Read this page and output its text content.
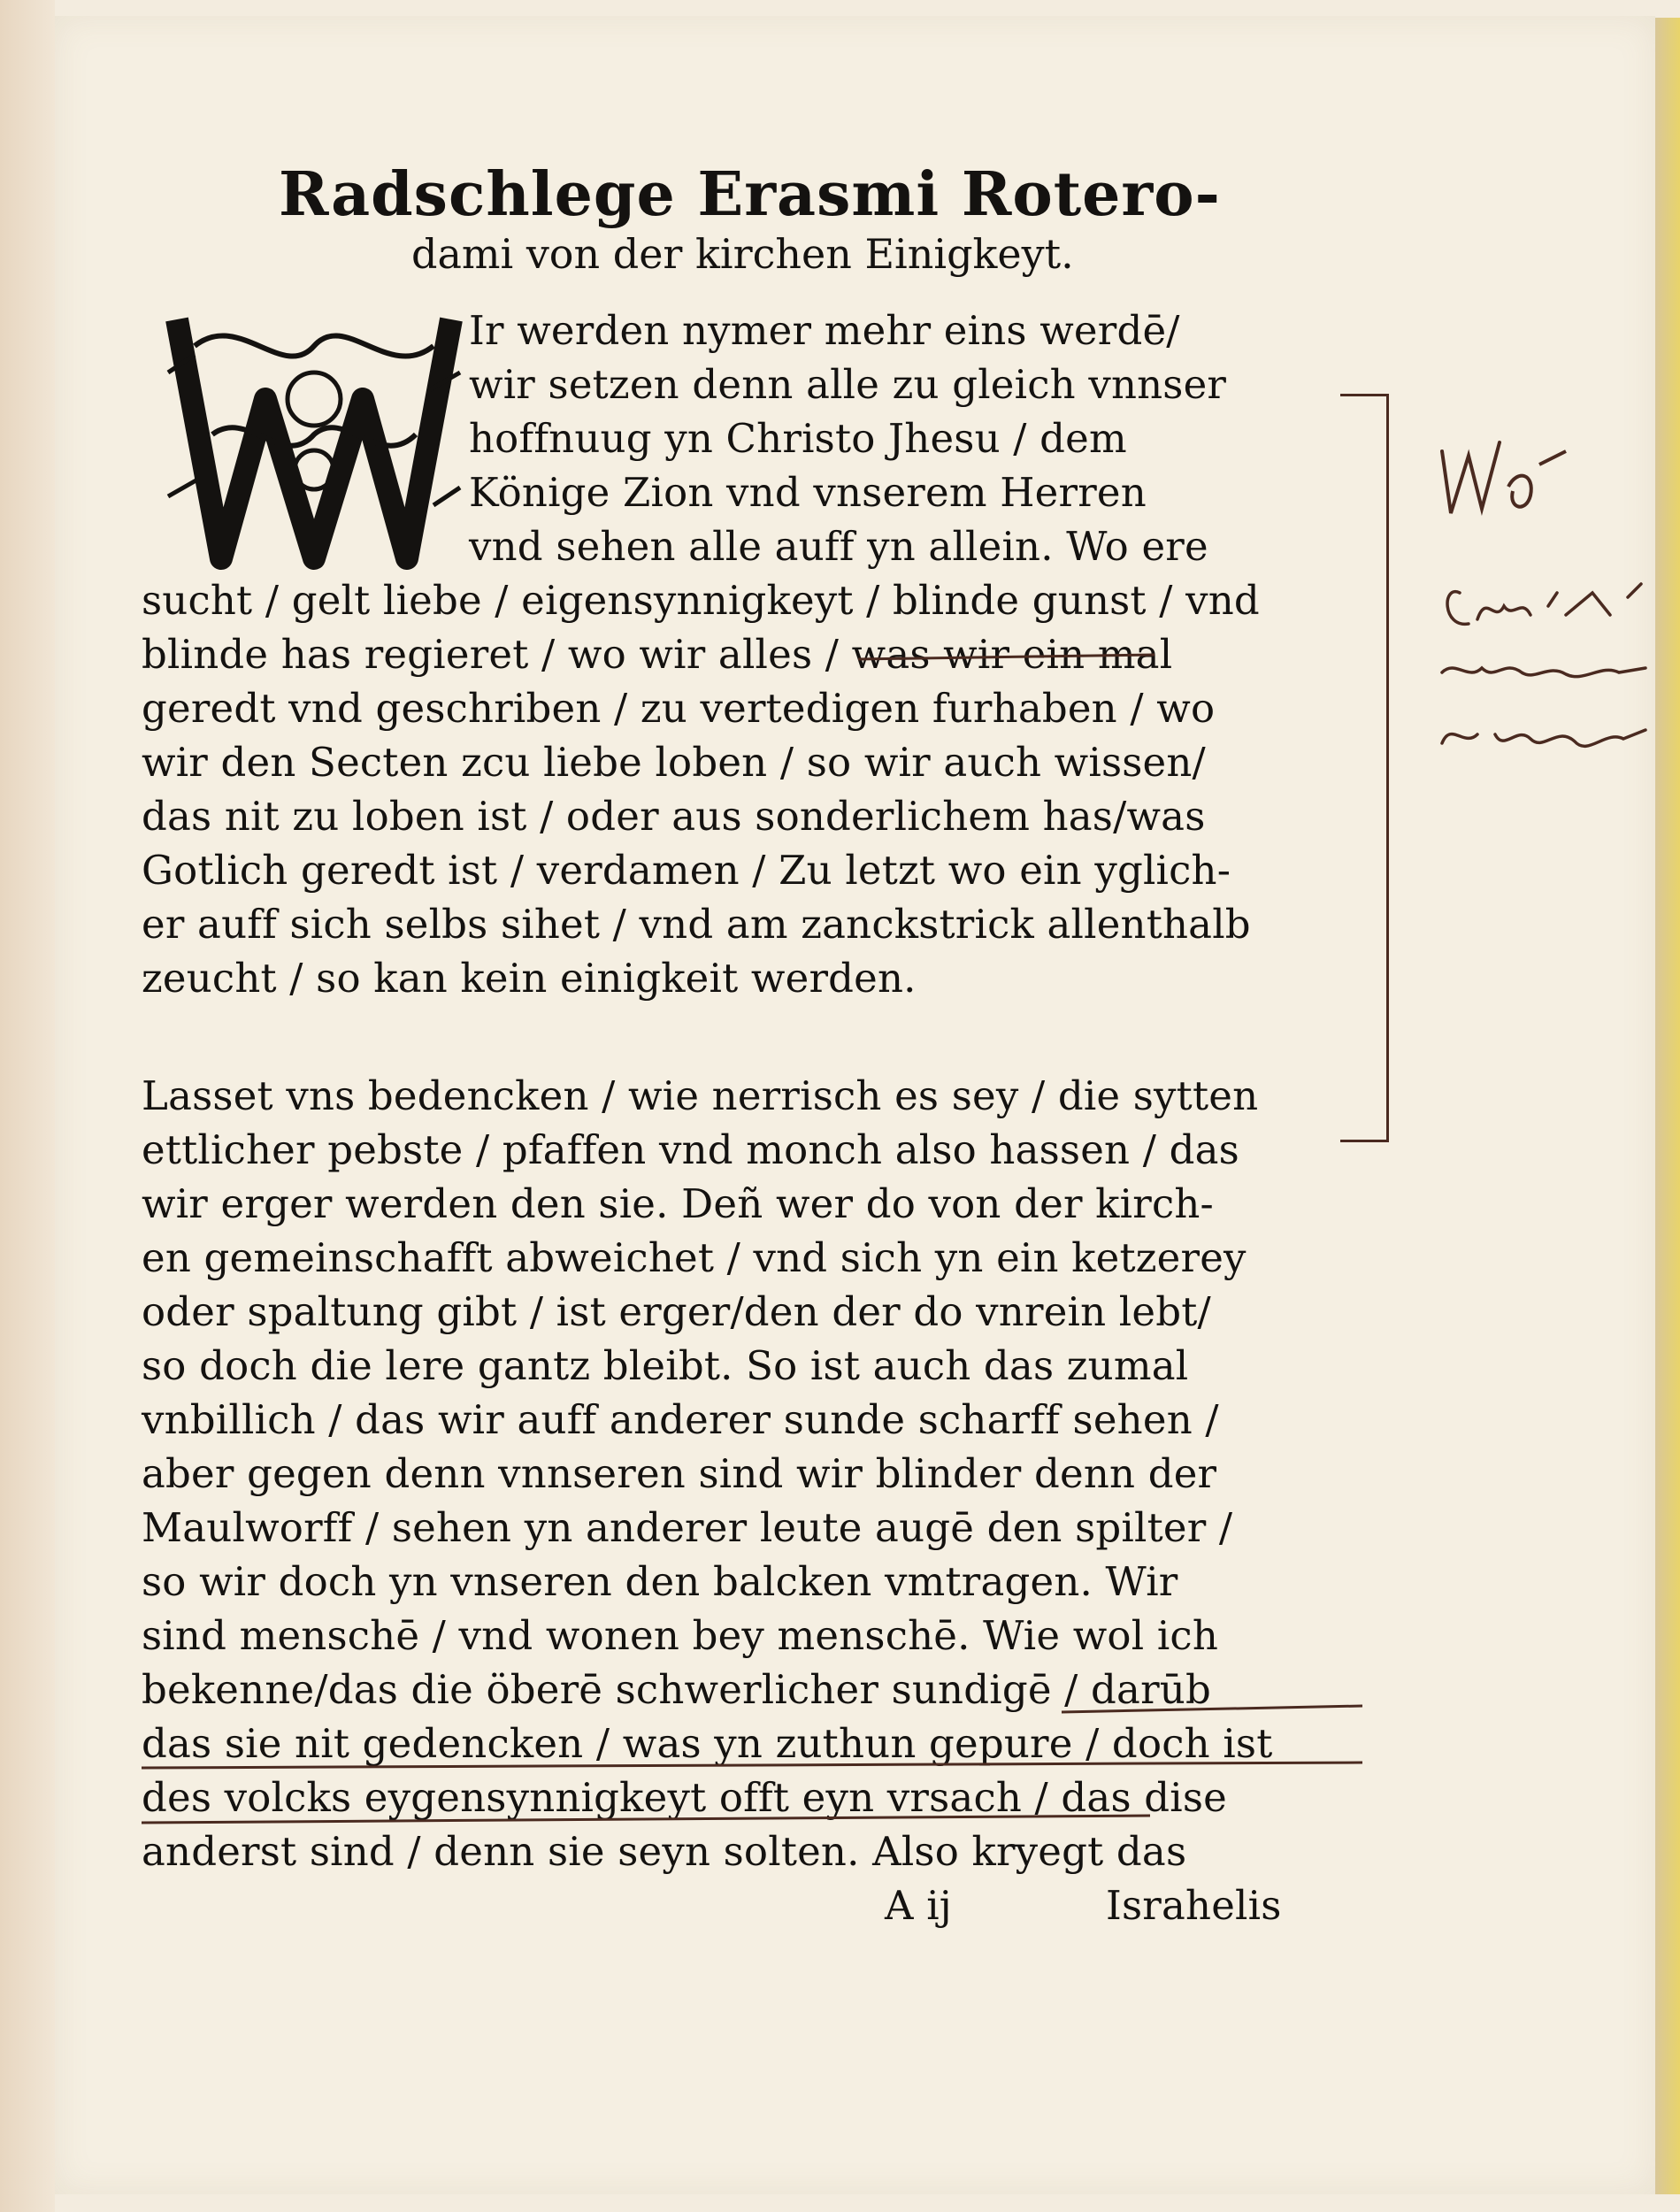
Radschlege Erasmi Rotero-
dami von der kirchen Einigkeyt.
Ir werden nymer mehr eins werdē/
wir setzen denn alle zu gleich vnnser
hoffnuug yn Christo Jhesu / dem
Könige Zion vnd vnserem Herren
vnd sehen alle auff yn allein. Wo ere
sucht / gelt liebe / eigensynnigkeyt / blinde gunst / vnd
blinde has regieret / wo wir alles / was wir ein mal
geredt vnd geschriben / zu vertedigen furhaben / wo
wir den Secten zcu liebe loben / so wir auch wissen/
das nit zu loben ist / oder aus sonderlichem has/was
Gotlich geredt ist / verdamen / Zu letzt wo ein yglich-
er auff sich selbs sihet / vnd am zanckstrick allenthalb
zeucht / so kan kein einigkeit werden.
Lasset vns bedencken / wie nerrisch es sey / die sytten
ettlicher pebste / pfaffen vnd monch also hassen / das
wir erger werden den sie. Deñ wer do von der kirch-
en gemeinschafft abweichet / vnd sich yn ein ketzerey
oder spaltung gibt / ist erger/den der do vnrein lebt/
so doch die lere gantz bleibt. So ist auch das zumal
vnbillich / das wir auff anderer sunde scharff sehen /
aber gegen denn vnnseren sind wir blinder denn der
Maulworff / sehen yn anderer leute augē den spilter /
so wir doch yn vnseren den balcken vmtragen. Wir
sind menschē / vnd wonen bey menschē. Wie wol ich
bekenne/das die öberē schwerlicher sundigē / darūb
das sie nit gedencken / was yn zuthun gepure / doch ist
des volcks eygensynnigkeyt offt eyn vrsach / das dise
anderst sind / denn sie seyn solten. Also kryegt das
A ij	Israhelis
